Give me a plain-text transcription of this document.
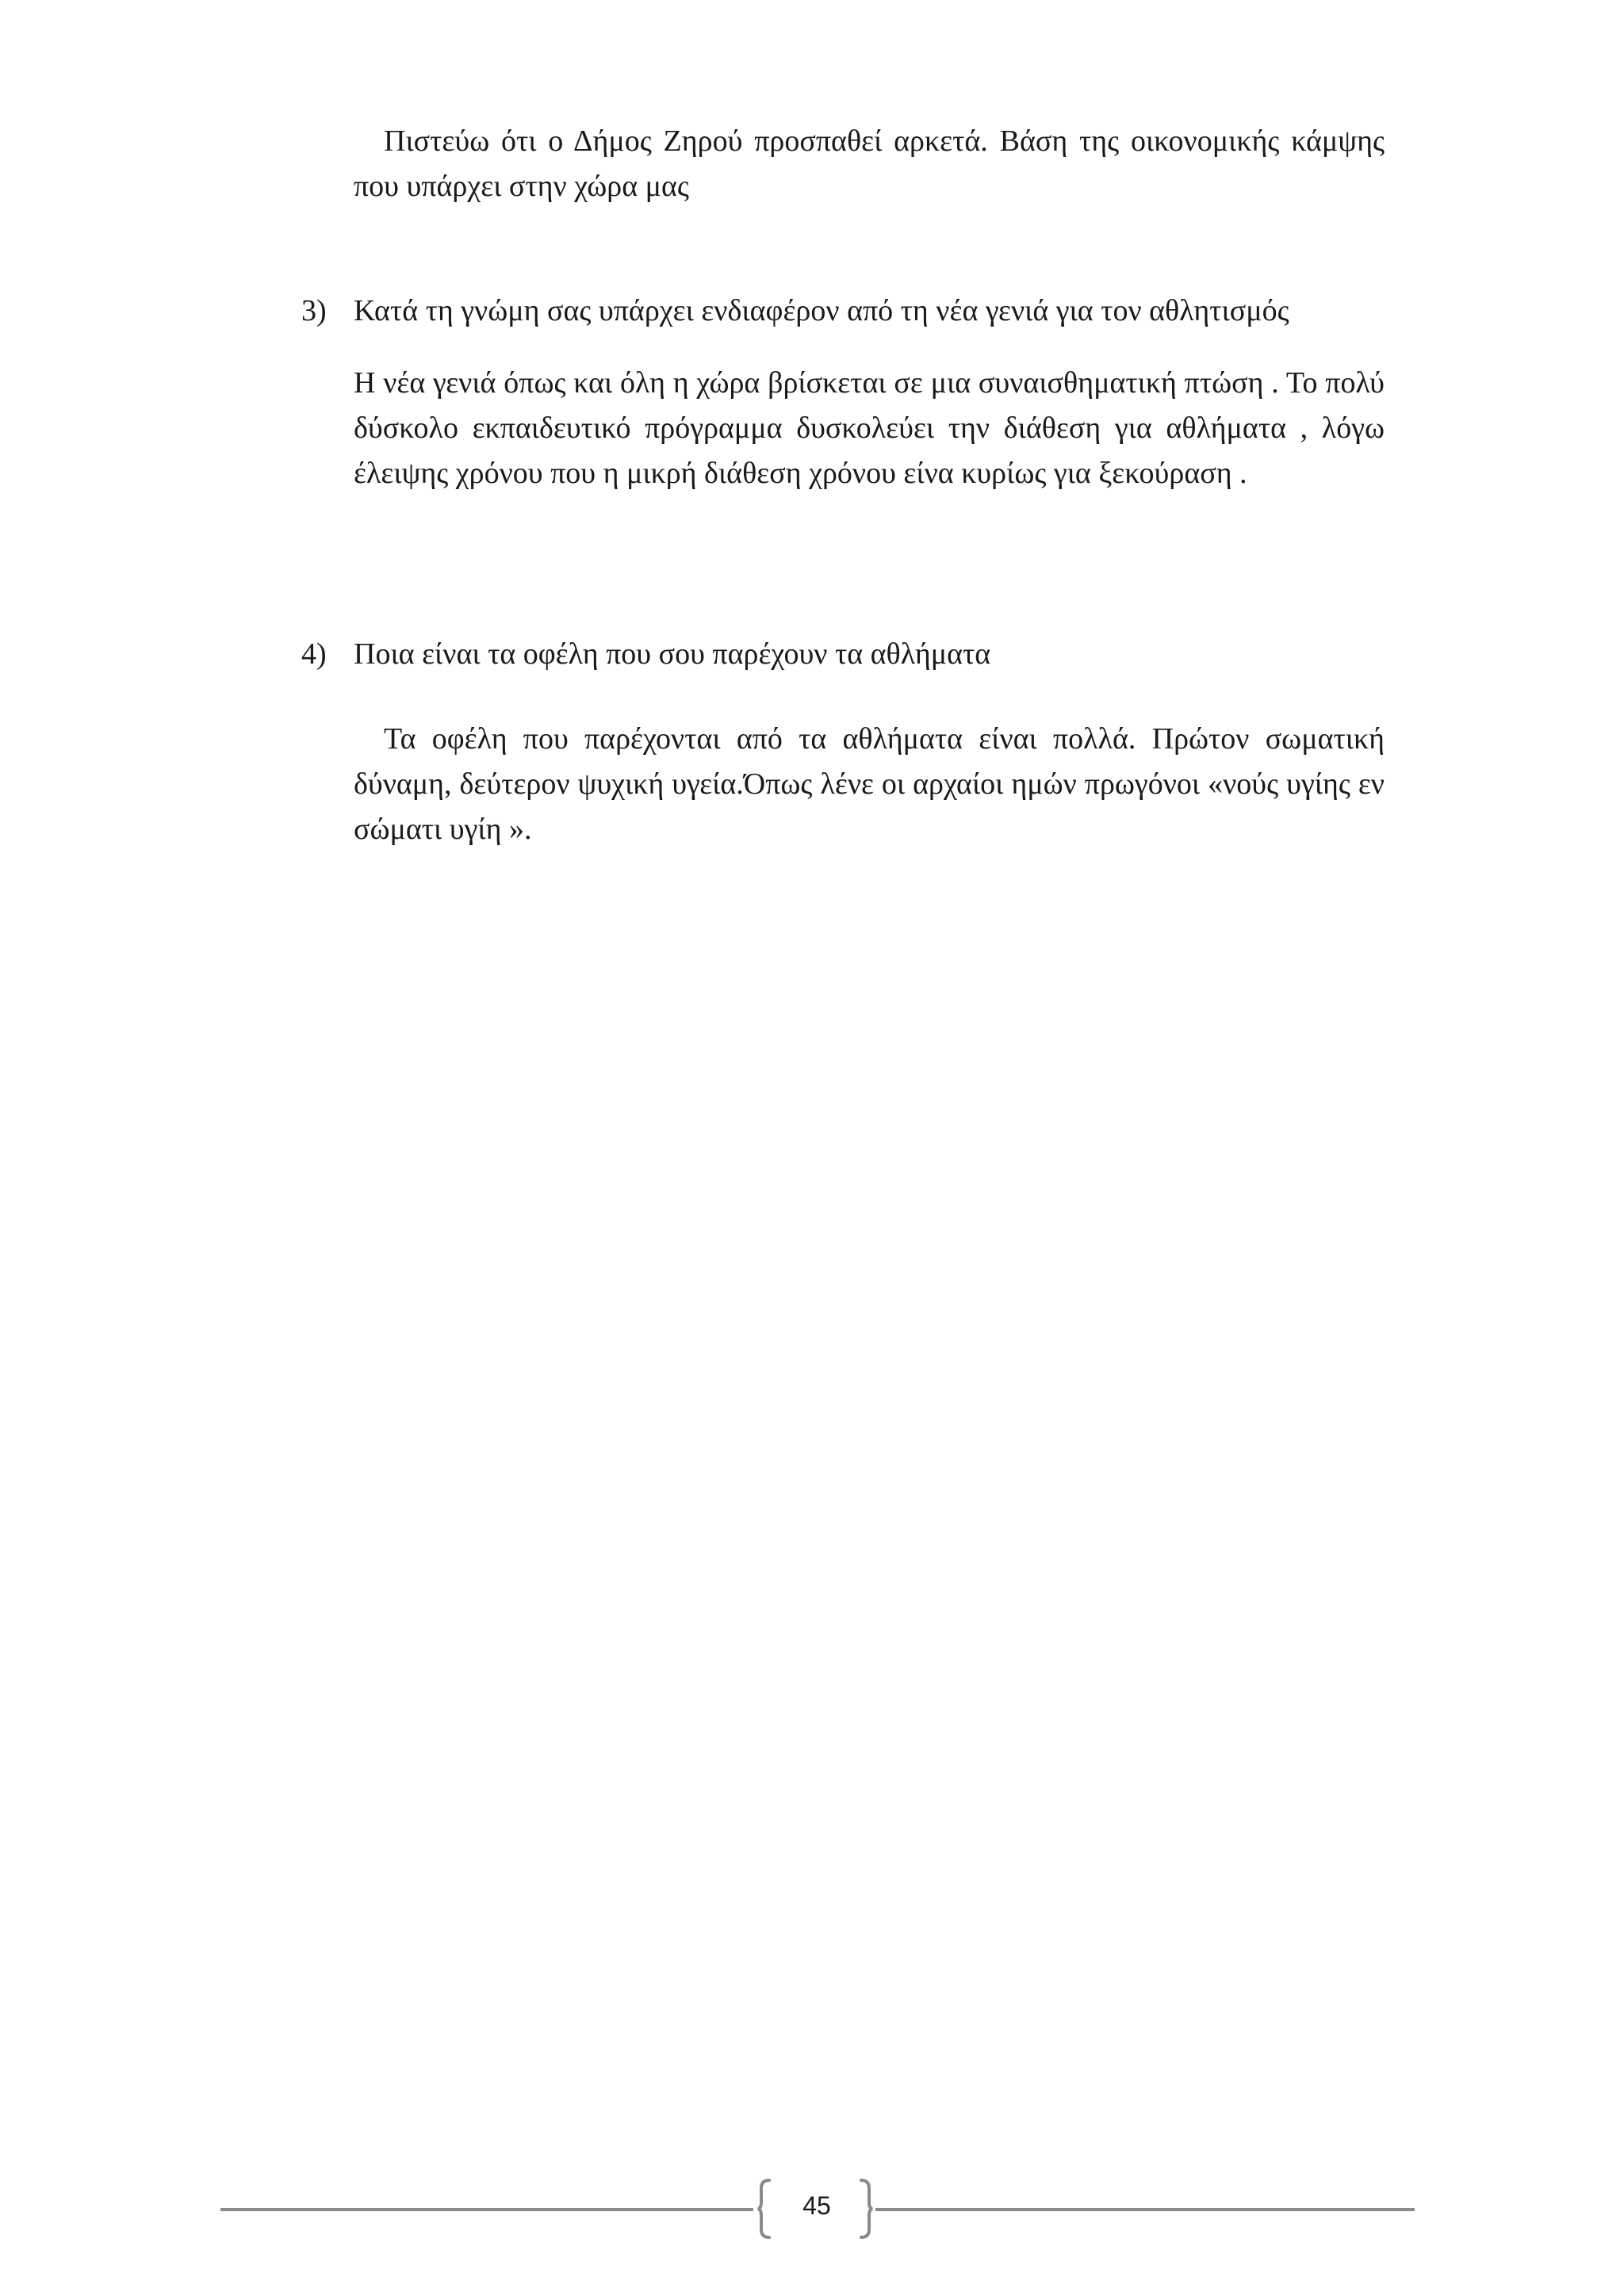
Πιστεύω ότι ο Δήμος Ζηρού προσπαθεί αρκετά. Βάση της οικονομικής κάμψης που υπάρχει στην χώρα μας

3) Κατά τη γνώμη σας υπάρχει ενδιαφέρον από τη νέα γενιά για τον αθλητισμός

Η νέα γενιά όπως και όλη η χώρα βρίσκεται σε μια συναισθηματική πτώση . Το πολύ δύσκολο εκπαιδευτικό πρόγραμμα δυσκολεύει την διάθεση για αθλήματα , λόγω έλειψης χρόνου που η μικρή διάθεση χρόνου είνα κυρίως για ξεκούραση .

4) Ποια είναι τα οφέλη που σου παρέχουν τα αθλήματα

Τα οφέλη που παρέχονται από τα αθλήματα είναι πολλά. Πρώτον σωματική δύναμη, δεύτερον ψυχική υγεία.Όπως λένε οι αρχαίοι ημών πρωγόνοι «νούς υγίης εν σώματι υγίη ».

45
